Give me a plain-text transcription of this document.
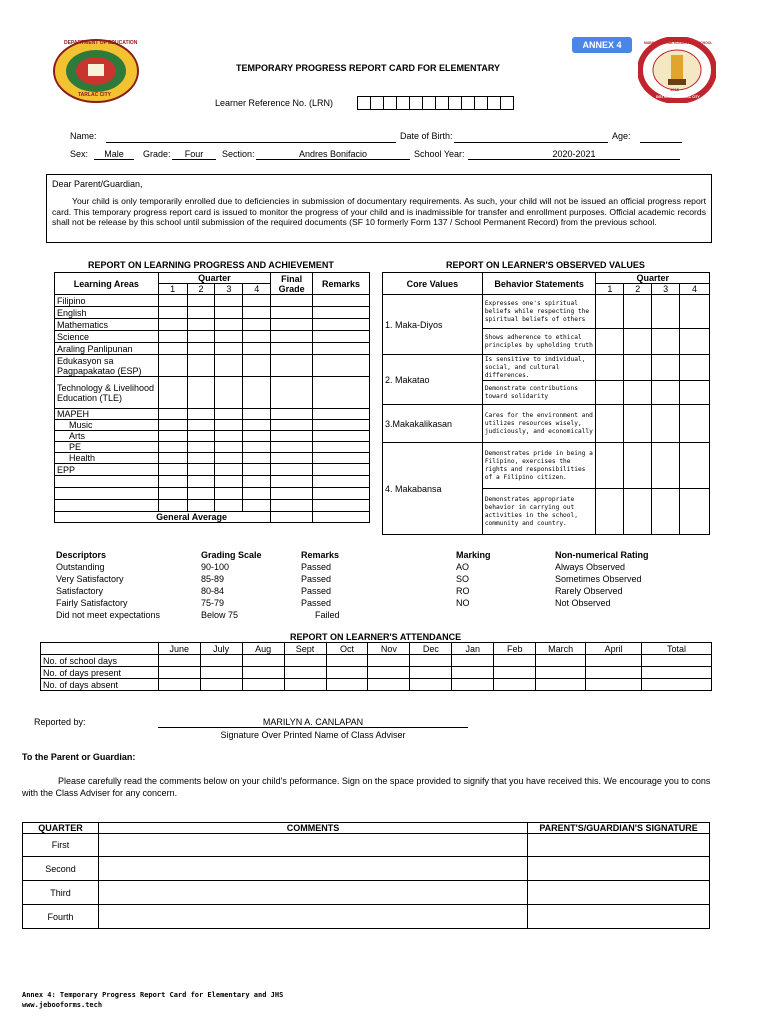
DEPARTMENT OF EDUCATION
TARLAC CITY
ANNEX 4	MABINI CENTRAL ELEMENTARY SCHOOL
DISTRICT II · TARLAC CITY
1915
TEMPORARY PROGRESS REPORT CARD FOR ELEMENTARY
Learner Reference No. (LRN)
Name:	Date of Birth:	Age:
Sex:	Male	Grade:	Four	Section:	Andres Bonifacio	School Year:	2020-2021
Dear Parent/Guardian,
Your child is only temporarily enrolled due to deficiencies in submission of documentary requirements. As such, your child will not be issued an official progress report card. This temporary progress report card is issued to monitor the progress of your child and is inadmissible for transfer and enrollment purposes. Official academic records shall not be release by this school until submission of the required documents (SF 10 formerly Form 137 / School Permanent Record) from the previous school.
REPORT ON LEARNING PROGRESS AND ACHIEVEMENT
Learning Areas	Quarter				Final Grade	Remarks
	1	2	3	4		
Filipino						
English						
Mathematics						
Science						
Araling Panlipunan						
Edukasyon sa Pagpapakatao (ESP)						
Technology & Livelihood Education (TLE)						
MAPEH						
Music						
Arts						
PE						
Health						
EPP						

General Average						
REPORT ON LEARNER'S OBSERVED VALUES
Core Values	Behavior Statements	Quarter			
		1	2	3	4
1. Maka-Diyos	Expresses one's spiritual beliefs while respecting the spiritual beliefs of others				
	Shows adherence to ethical principles by upholding truth				
2. Makatao	Is sensitive to individual, social, and cultural differences.				
	Demonstrate contributions toward solidarity				
3.Makakalikasan	Cares for the environment and utilizes resources wisely, judiciously, and economically				
4. Makabansa	Demonstrates pride in being a Filipino, exercises the rights and responsibilities of a Filipino citizen.				
	Demonstrates appropriate behavior in carrying out activities in the school, community and country.				
Descriptors	Grading Scale	Remarks
Outstanding	90-100	Passed
Very Satisfactory	85-89	Passed
Satisfactory	80-84	Passed
Fairly Satisfactory	75-79	Passed
Did not meet expectations	Below 75	Failed
Marking	Non-numerical Rating
AO	Always Observed
SO	Sometimes Observed
RO	Rarely Observed
NO	Not Observed
REPORT ON LEARNER'S ATTENDANCE
	June	July	Aug	Sept	Oct	Nov	Dec	Jan	Feb	March	April	Total
No. of school days												
No. of days present												
No. of days absent												
Reported by:	MARILYN A. CANLAPAN
Signature Over Printed Name of Class Adviser
To the Parent or Guardian:
Please carefully read the comments below on your child's peformance. Sign on the space provided to signify that you have received this. We encourage you to cons
with the Class Adviser for any concern.
QUARTER	COMMENTS	PARENT'S/GUARDIAN'S SIGNATURE
First		
Second		
Third		
Fourth		
Annex 4: Temporary Progress Report Card for Elementary and JHS
www.jebooforms.tech
